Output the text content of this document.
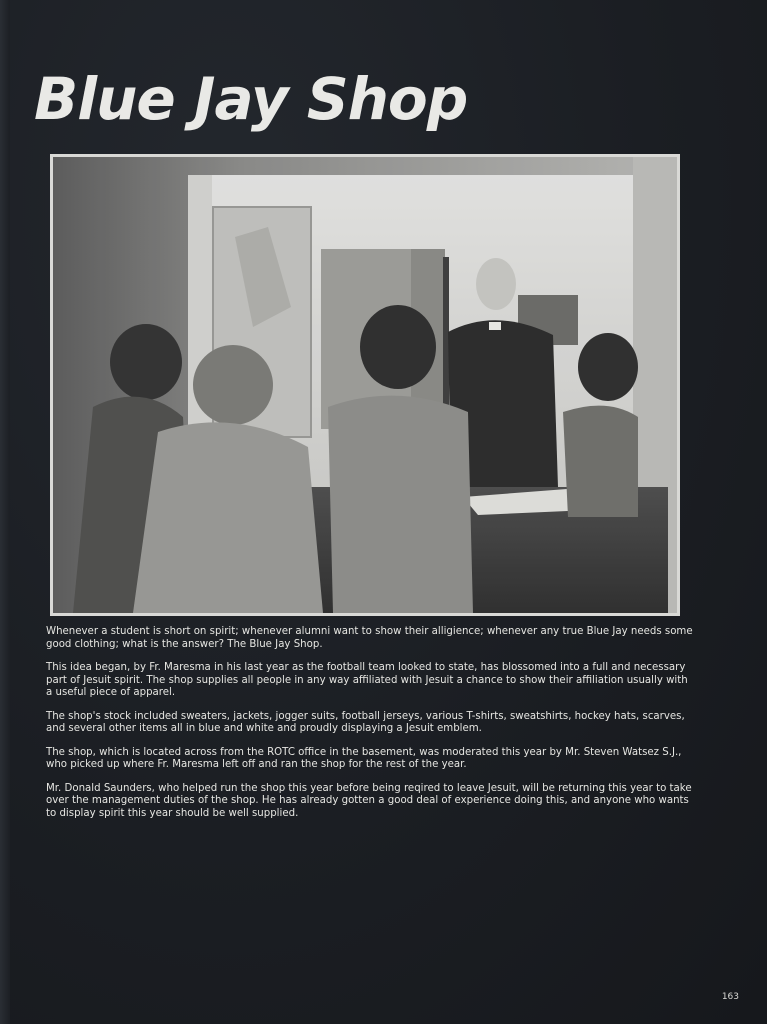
Blue Jay Shop

Whenever a student is short on spirit; whenever alumni want to show their alligience; whenever any true Blue Jay needs some good clothing; what is the answer? The Blue Jay Shop.

This idea began, by Fr. Maresma in his last year as the football team looked to state, has blossomed into a full and necessary part of Jesuit spirit. The shop supplies all people in any way affiliated with Jesuit a chance to show their affiliation usually with a useful piece of apparel.

The shop's stock included sweaters, jackets, jogger suits, football jerseys, various T-shirts, sweatshirts, hockey hats, scarves, and several other items all in blue and white and proudly displaying a Jesuit emblem.

The shop, which is located across from the ROTC office in the basement, was moderated this year by Mr. Steven Watsez S.J., who picked up where Fr. Maresma left off and ran the shop for the rest of the year.

Mr. Donald Saunders, who helped run the shop this year before being reqired to leave Jesuit, will be returning this year to take over the management duties of the shop. He has already gotten a good deal of experience doing this, and anyone who wants to display spirit this year should be well supplied.

163
